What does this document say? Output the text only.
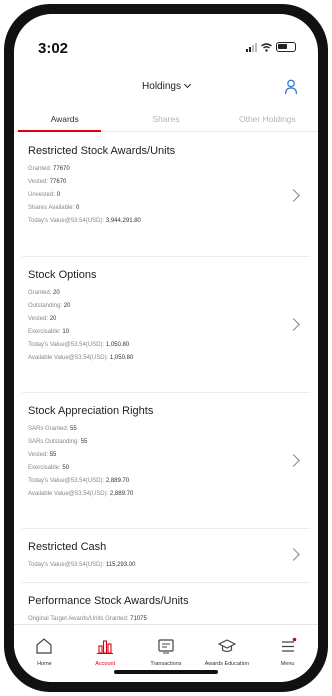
3:02
Holdings
Awards	Shares	Other Holdings
Restricted Stock Awards/Units
Granted: 77670
Vested: 77670
Unvested: 0
Shares Available: 0
Today's Value@53.54(USD): 3,944,291.80
Stock Options
Granted: 20
Outstanding: 20
Vested: 20
Exercisable: 10
Today's Value@53.54(USD): 1,050.80
Available Value@53.54(USD): 1,050.80
Stock Appreciation Rights
SARs Granted: 55
SARs Outstanding: 55
Vested: 55
Exercisable: 50
Today's Value@53.54(USD): 2,889.70
Available Value@53.54(USD): 2,889.70
Restricted Cash
Today's Value@53.54(USD): 115,293.00
Performance Stock Awards/Units
Original Target Awards/Units Granted: 71075
Home	Account	Transactions	Awards Education	Menu
